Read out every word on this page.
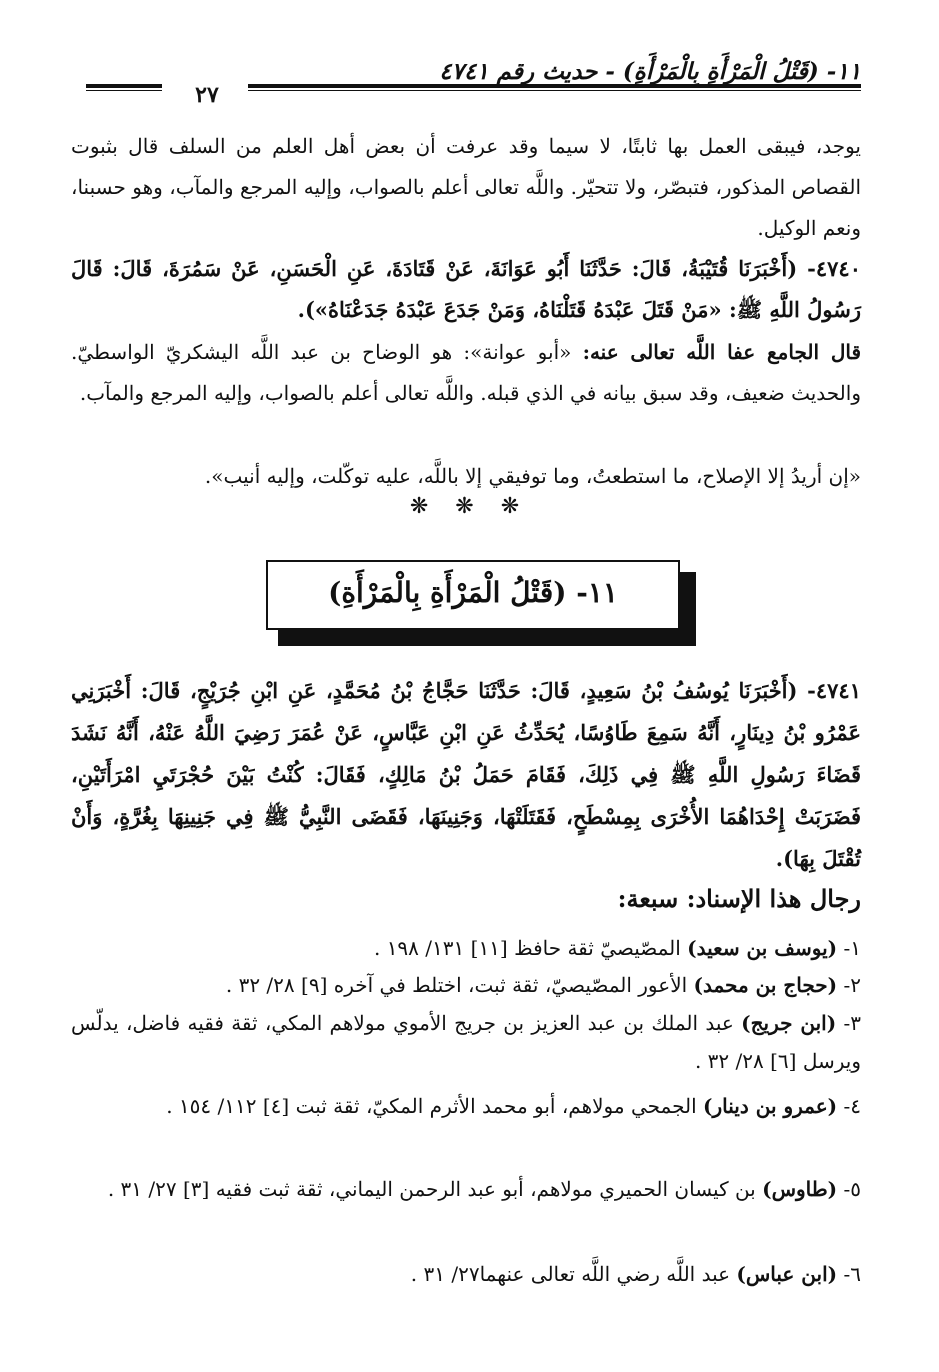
١١- (قَتْلُ الْمَرْأَةِ بِالْمَرْأَةِ) - حديث رقم ٤٧٤١
٢٧

يوجد، فيبقى العمل بها ثابتًا، لا سيما وقد عرفت أن بعض أهل العلم من السلف قال بثبوت القصاص المذكور، فتبصّر، ولا تتحيّر. واللَّه تعالى أعلم بالصواب، وإليه المرجع والمآب، وهو حسبنا، ونعم الوكيل.

٤٧٤٠- (أَخْبَرَنَا قُتَيْبَةُ، قَالَ: حَدَّثَنَا أَبُو عَوَانَةَ، عَنْ قَتَادَةَ، عَنِ الْحَسَنِ، عَنْ سَمُرَةَ، قَالَ: قَالَ رَسُولُ اللَّهِ ﷺ: «مَنْ قَتَلَ عَبْدَهُ قَتَلْنَاهُ، وَمَنْ جَدَعَ عَبْدَهُ جَدَعْنَاهُ»).

قال الجامع عفا اللَّه تعالى عنه: «أبو عوانة»: هو الوضاح بن عبد اللَّه اليشكريّ الواسطيّ. والحديث ضعيف، وقد سبق بيانه في الذي قبله. واللَّه تعالى أعلم بالصواب، وإليه المرجع والمآب.

«إن أريدُ إلا الإصلاح، ما استطعتُ، وما توفيقي إلا باللَّه، عليه توكّلت، وإليه أنيب».

❋ ❋ ❋
١١- (قَتْلُ الْمَرْأَةِ بِالْمَرْأَةِ)

٤٧٤١- (أَخْبَرَنَا يُوسُفُ بْنُ سَعِيدٍ، قَالَ: حَدَّثَنَا حَجَّاجُ بْنُ مُحَمَّدٍ، عَنِ ابْنِ جُرَيْجٍ، قَالَ: أَخْبَرَنِي عَمْرُو بْنُ دِينَارٍ، أَنَّهُ سَمِعَ طَاوُسًا، يُحَدِّثُ عَنِ ابْنِ عَبَّاسٍ، عَنْ عُمَرَ رَضِيَ اللَّهُ عَنْهُ، أَنَّهُ نَشَدَ قَضَاءَ رَسُولِ اللَّهِ ﷺ فِي ذَلِكَ، فَقَامَ حَمَلُ بْنُ مَالِكٍ، فَقَالَ: كُنْتُ بَيْنَ حُجْرَتَيِ امْرَأَتَيْنِ، فَضَرَبَتْ إِحْدَاهُمَا الأُخْرَى بِمِسْطَحٍ، فَقَتَلَتْهَا، وَجَنِينَهَا، فَقَضَى النَّبِيُّ ﷺ فِي جَنِينِهَا بِغُرَّةٍ، وَأَنْ تُقْتَلَ بِهَا).

رجال هذا الإسناد: سبعة:

١- (يوسف بن سعيد) المصّيصيّ ثقة حافظ [١١] ١٣١/ ١٩٨ .

٢- (حجاج بن محمد) الأعور المصّيصيّ، ثقة ثبت، اختلط في آخره [٩] ٢٨/ ٣٢ .

٣- (ابن جريج) عبد الملك بن عبد العزيز بن جريج الأموي مولاهم المكي، ثقة فقيه فاضل، يدلّس ويرسل [٦] ٢٨/ ٣٢ .

٤- (عمرو بن دينار) الجمحي مولاهم، أبو محمد الأثرم المكيّ، ثقة ثبت [٤] ١١٢/ ١٥٤ .

٥- (طاوس) بن كيسان الحميري مولاهم، أبو عبد الرحمن اليماني، ثقة ثبت فقيه [٣] ٢٧/ ٣١ .

٦- (ابن عباس) عبد اللَّه رضي اللَّه تعالى عنهما٢٧/ ٣١ .
